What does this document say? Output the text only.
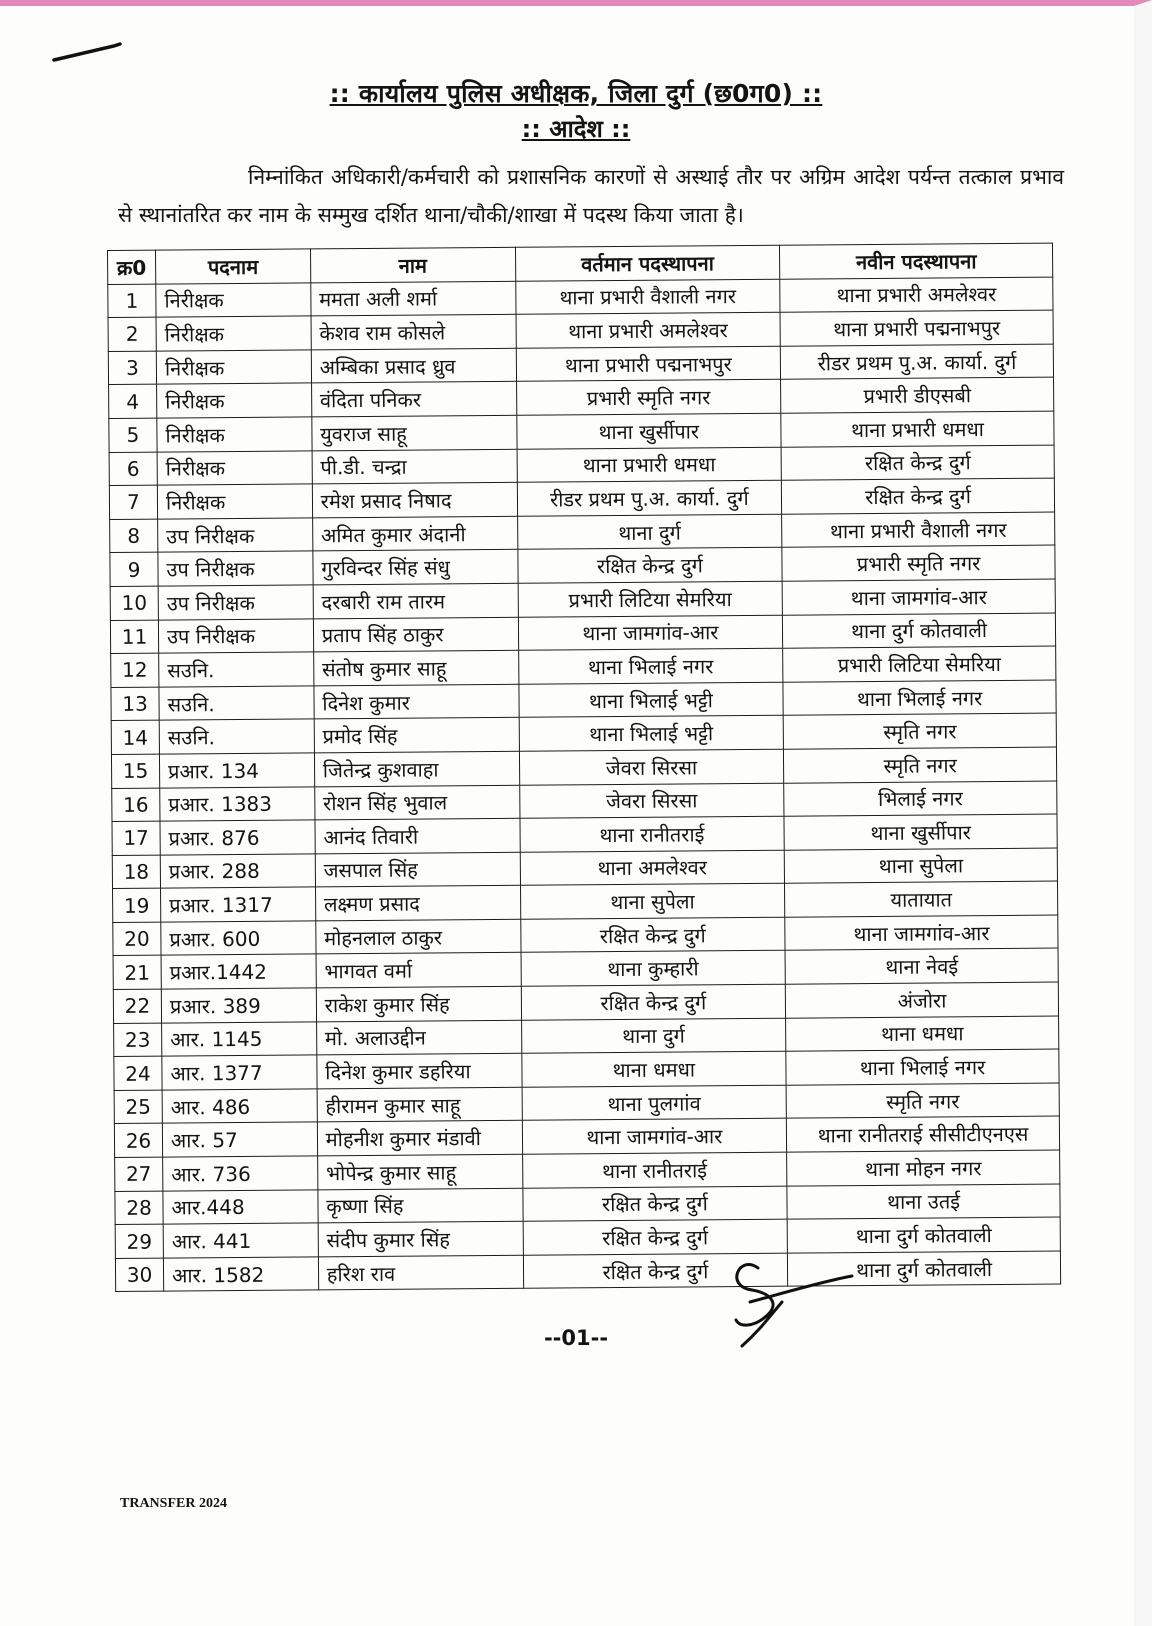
:: कार्यालय पुलिस अधीक्षक, जिला दुर्ग (छ0ग0) ::
:: आदेश ::
निम्नांकित अधिकारी/कर्मचारी को प्रशासनिक कारणों से अस्थाई तौर पर अग्रिम आदेश पर्यन्त तत्काल प्रभाव से स्थानांतरित कर नाम के सम्मुख दर्शित थाना/चौकी/शाखा में पदस्थ किया जाता है।
क्र0	पदनाम	नाम	वर्तमान पदस्थापना	नवीन पदस्थापना
1	निरीक्षक	ममता अली शर्मा	थाना प्रभारी वैशाली नगर	थाना प्रभारी अमलेश्वर
2	निरीक्षक	केशव राम कोसले	थाना प्रभारी अमलेश्वर	थाना प्रभारी पद्मनाभपुर
3	निरीक्षक	अम्बिका प्रसाद ध्रुव	थाना प्रभारी पद्मनाभपुर	रीडर प्रथम पु.अ. कार्या. दुर्ग
4	निरीक्षक	वंदिता पनिकर	प्रभारी स्मृति नगर	प्रभारी डीएसबी
5	निरीक्षक	युवराज साहू	थाना खुर्सीपार	थाना प्रभारी धमधा
6	निरीक्षक	पी.डी. चन्द्रा	थाना प्रभारी धमधा	रक्षित केन्द्र दुर्ग
7	निरीक्षक	रमेश प्रसाद निषाद	रीडर प्रथम पु.अ. कार्या. दुर्ग	रक्षित केन्द्र दुर्ग
8	उप निरीक्षक	अमित कुमार अंदानी	थाना दुर्ग	थाना प्रभारी वैशाली नगर
9	उप निरीक्षक	गुरविन्दर सिंह संधु	रक्षित केन्द्र दुर्ग	प्रभारी स्मृति नगर
10	उप निरीक्षक	दरबारी राम तारम	प्रभारी लिटिया सेमरिया	थाना जामगांव-आर
11	उप निरीक्षक	प्रताप सिंह ठाकुर	थाना जामगांव-आर	थाना दुर्ग कोतवाली
12	सउनि.	संतोष कुमार साहू	थाना भिलाई नगर	प्रभारी लिटिया सेमरिया
13	सउनि.	दिनेश कुमार	थाना भिलाई भट्टी	थाना भिलाई नगर
14	सउनि.	प्रमोद सिंह	थाना भिलाई भट्टी	स्मृति नगर
15	प्रआर. 134	जितेन्द्र कुशवाहा	जेवरा सिरसा	स्मृति नगर
16	प्रआर. 1383	रोशन सिंह भुवाल	जेवरा सिरसा	भिलाई नगर
17	प्रआर. 876	आनंद तिवारी	थाना रानीतराई	थाना खुर्सीपार
18	प्रआर. 288	जसपाल सिंह	थाना अमलेश्वर	थाना सुपेला
19	प्रआर. 1317	लक्ष्मण प्रसाद	थाना सुपेला	यातायात
20	प्रआर. 600	मोहनलाल ठाकुर	रक्षित केन्द्र दुर्ग	थाना जामगांव-आर
21	प्रआर.1442	भागवत वर्मा	थाना कुम्हारी	थाना नेवई
22	प्रआर. 389	राकेश कुमार सिंह	रक्षित केन्द्र दुर्ग	अंजोरा
23	आर. 1145	मो. अलाउद्दीन	थाना दुर्ग	थाना धमधा
24	आर. 1377	दिनेश कुमार डहरिया	थाना धमधा	थाना भिलाई नगर
25	आर. 486	हीरामन कुमार साहू	थाना पुलगांव	स्मृति नगर
26	आर. 57	मोहनीश कुमार मंडावी	थाना जामगांव-आर	थाना रानीतराई सीसीटीएनएस
27	आर. 736	भोपेन्द्र कुमार साहू	थाना रानीतराई	थाना मोहन नगर
28	आर.448	कृष्णा सिंह	रक्षित केन्द्र दुर्ग	थाना उतई
29	आर. 441	संदीप कुमार सिंह	रक्षित केन्द्र दुर्ग	थाना दुर्ग कोतवाली
30	आर. 1582	हरिश राव	रक्षित केन्द्र दुर्ग	थाना दुर्ग कोतवाली
--01--
TRANSFER 2024
